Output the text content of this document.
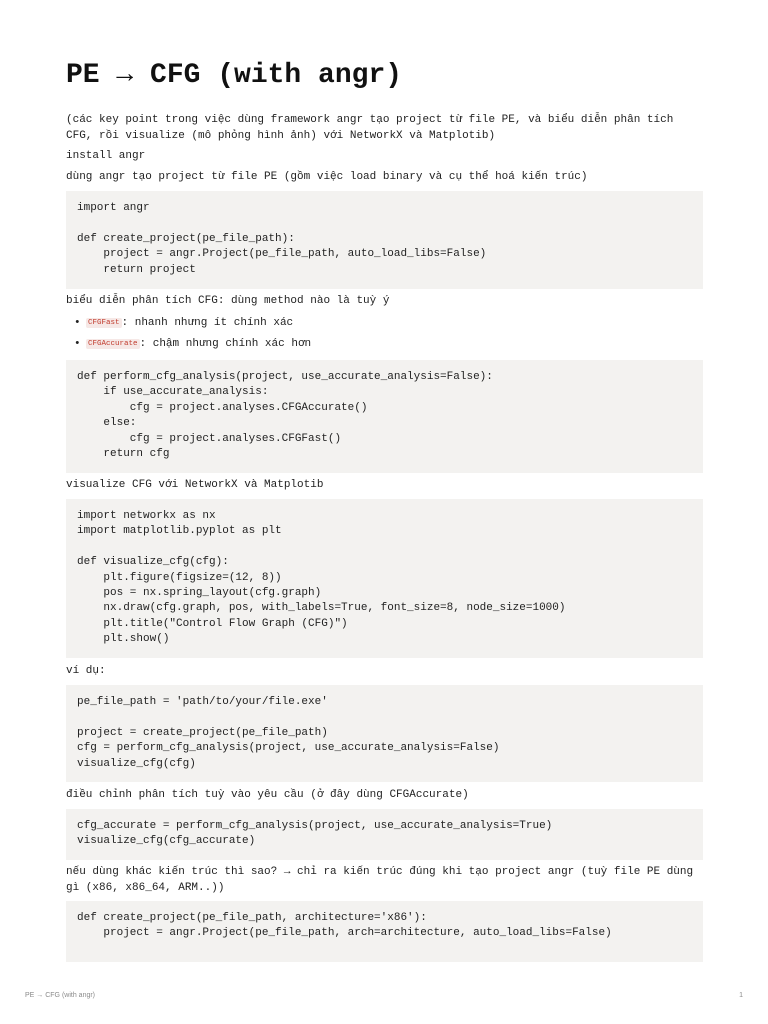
PE → CFG (with angr)

(các key point trong việc dùng framework angr tạo project từ file PE, và biểu diễn phân tích CFG, rồi visualize (mô phỏng hình ảnh) với NetworkX và Matplotib)

install angr

dùng angr tạo project từ file PE (gồm việc load binary và cụ thể hoá kiến trúc)

import angr

def create_project(pe_file_path):
project = angr.Project(pe_file_path, auto_load_libs=False)
return project

biểu diễn phân tích CFG: dùng method nào là tuỳ ý

• CFGFast : nhanh nhưng ít chính xác
• CFGAccurate : chậm nhưng chính xác hơn
def perform_cfg_analysis(project, use_accurate_analysis=False):
if use_accurate_analysis:
cfg = project.analyses.CFGAccurate()
else:
cfg = project.analyses.CFGFast()
return cfg

visualize CFG với NetworkX và Matplotib

import networkx as nx
import matplotlib.pyplot as plt

def visualize_cfg(cfg):
plt.figure(figsize=(12, 8))
pos = nx.spring_layout(cfg.graph)
nx.draw(cfg.graph, pos, with_labels=True, font_size=8, node_size=1000)
plt.title("Control Flow Graph (CFG)")
plt.show()

ví dụ:

pe_file_path = 'path/to/your/file.exe'

project = create_project(pe_file_path)
cfg = perform_cfg_analysis(project, use_accurate_analysis=False)
visualize_cfg(cfg)

điều chỉnh phân tích tuỳ vào yêu cầu (ở đây dùng CFGAccurate)

cfg_accurate = perform_cfg_analysis(project, use_accurate_analysis=True)
visualize_cfg(cfg_accurate)

nếu dùng khác kiến trúc thì sao? → chỉ ra kiến trúc đúng khi tạo project angr (tuỳ file PE dùng gì (x86, x86_64, ARM..))

def create_project(pe_file_path, architecture='x86'):
project = angr.Project(pe_file_path, arch=architecture, auto_load_libs=False)
PE → CFG (with angr)	1
